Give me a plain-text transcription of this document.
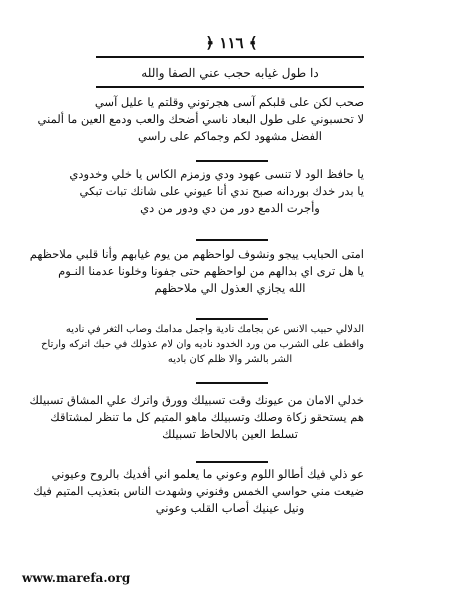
﴿ ١١٦ ﴾
دا طول غيابه حجب عني الصفا والله
صحب لكن على قلبكم آسى هجرتوني وقلتم يا عليل آسي
لا تحسبوني على طول البعاد ناسي أضحك والعب ودمع العين ما ألمني
الفضل مشهود لكم وجماكم على راسي
يا حافظ الود لا تنسى عهود ودي وزمزم الكاس يا خلي وخدودي
يا بدر خدك بوردانه صبح ندي أنا عيوني على شانك تبات تبكي
وأجرت الدمع دور من دي ودور من دي
امتى الحبايب ييجو ونشوف لواحظهم من يوم غيابهم وأنا قلبي ملاحظهم
يا هل ترى اي بدالهم من لواحظهم حتى جفونا وخلونا عدمنا النـوم
الله يجازي العذول الي ملاحظهم
الدلالي حبيب الانس عن بجامك نادية واجمل مدامك وصاب الثغر في ناديه
واقطف على الشرب من ورد الخدود ناديه وان لام عذولك في حبك اتركه وارتاح
الشر بالشر والا ظلم كان باديه
خدلي الامان من عيونك وقت تسبيلك وورق واترك علي المشاق تسبيلك
هم يستحقو زكاة وصلك وتسبيلك ماهو المتيم كل ما تنظر لمشتاقك
تسلط العين بالالحاظ تسبيلك
عو ذلي فيك أطالو اللوم وعوني ما يعلمو اني أفديك بالروح وعيوني
ضيعت مني حواسي الخمس وفنوني وشهدت الناس بتعذيب المتيم فيك
ونيل عينيك أصاب القلب وعوني
www.marefa.org
